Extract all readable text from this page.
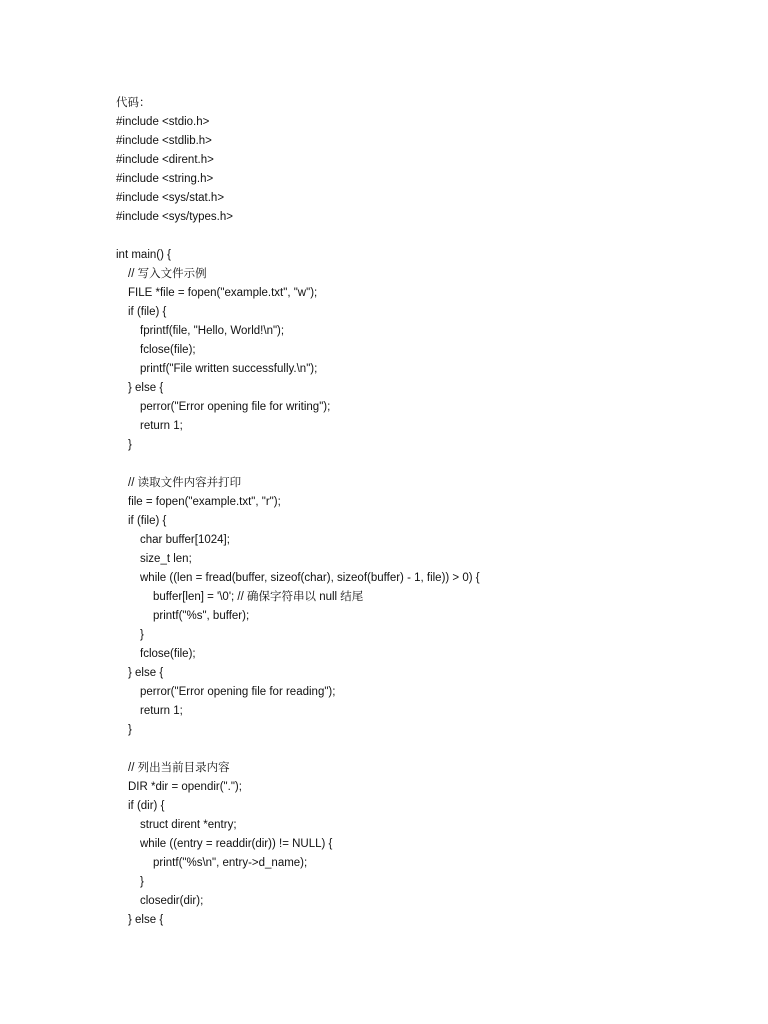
代码：
#include <stdio.h>
#include <stdlib.h>
#include <dirent.h>
#include <string.h>
#include <sys/stat.h>
#include <sys/types.h>
int main() {
// 写入文件示例
FILE *file = fopen("example.txt", "w");
if (file) {
fprintf(file, "Hello, World!\n");
fclose(file);
printf("File written successfully.\n");
} else {
perror("Error opening file for writing");
return 1;
}
// 读取文件内容并打印
file = fopen("example.txt", "r");
if (file) {
char buffer[1024];
size_t len;
while ((len = fread(buffer, sizeof(char), sizeof(buffer) - 1, file)) > 0) {
buffer[len] = '\0'; // 确保字符串以 null 结尾
printf("%s", buffer);
}
fclose(file);
} else {
perror("Error opening file for reading");
return 1;
}
// 列出当前目录内容
DIR *dir = opendir(".");
if (dir) {
struct dirent *entry;
while ((entry = readdir(dir)) != NULL) {
printf("%s\n", entry->d_name);
}
closedir(dir);
} else {
